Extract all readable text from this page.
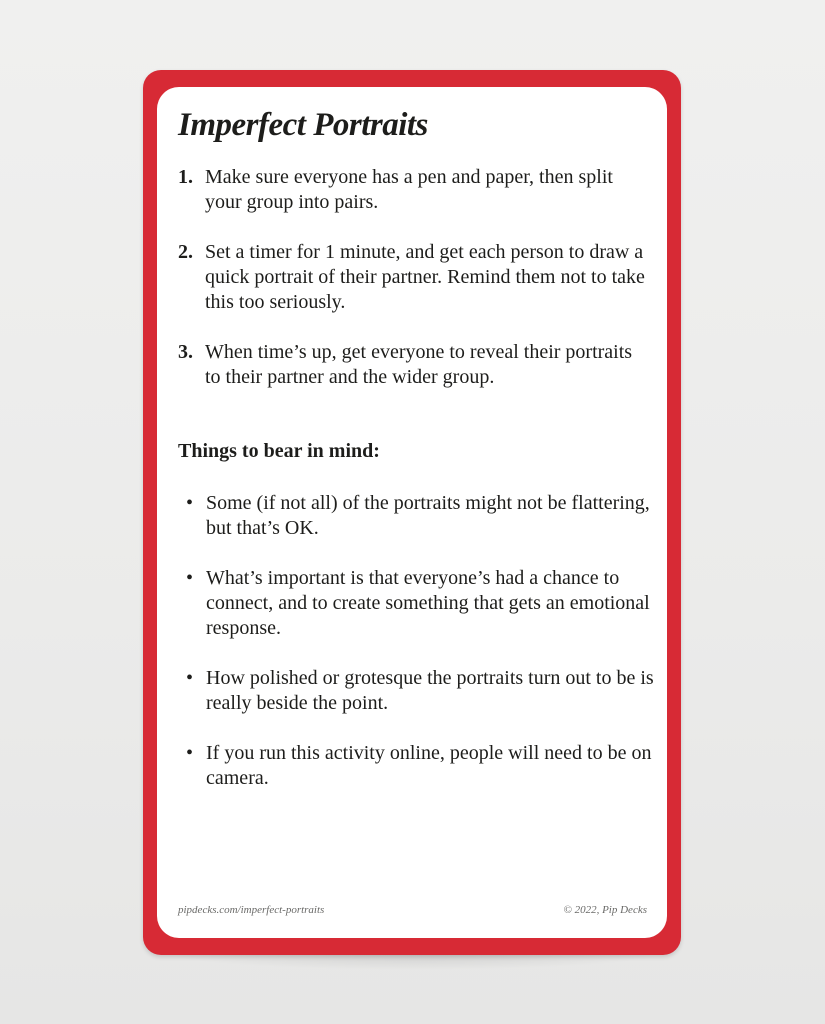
Imperfect Portraits
1. Make sure everyone has a pen and paper, then split your group into pairs.
2. Set a timer for 1 minute, and get each person to draw a quick portrait of their partner. Remind them not to take this too seriously.
3. When time’s up, get everyone to reveal their portraits to their partner and the wider group.
Things to bear in mind:
• Some (if not all) of the portraits might not be flattering, but that’s OK.
• What’s important is that everyone’s had a chance to connect, and to create something that gets an emotional response.
• How polished or grotesque the portraits turn out to be is really beside the point.
• If you run this activity online, people will need to be on camera.
pipdecks.com/imperfect-portraits	© 2022, Pip Decks
